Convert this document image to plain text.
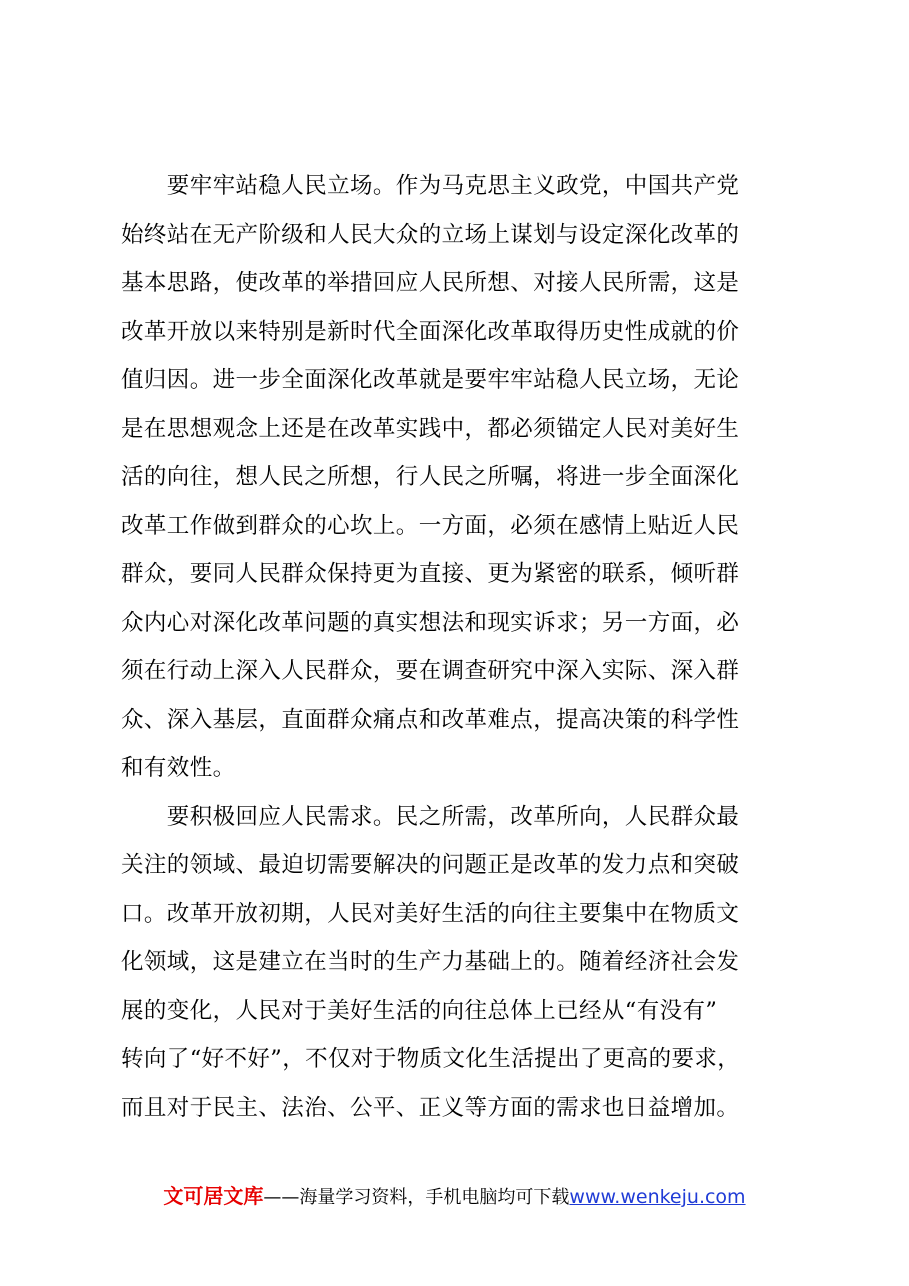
　　要牢牢站稳人民立场。作为马克思主义政党，中国共产党
始终站在无产阶级和人民大众的立场上谋划与设定深化改革的
基本思路，使改革的举措回应人民所想、对接人民所需，这是
改革开放以来特别是新时代全面深化改革取得历史性成就的价
值归因。进一步全面深化改革就是要牢牢站稳人民立场，无论
是在思想观念上还是在改革实践中，都必须锚定人民对美好生
活的向往，想人民之所想，行人民之所嘱，将进一步全面深化
改革工作做到群众的心坎上。一方面，必须在感情上贴近人民
群众，要同人民群众保持更为直接、更为紧密的联系，倾听群
众内心对深化改革问题的真实想法和现实诉求；另一方面，必
须在行动上深入人民群众，要在调查研究中深入实际、深入群
众、深入基层，直面群众痛点和改革难点，提高决策的科学性
和有效性。
　　要积极回应人民需求。民之所需，改革所向，人民群众最
关注的领域、最迫切需要解决的问题正是改革的发力点和突破
口。改革开放初期，人民对美好生活的向往主要集中在物质文
化领域，这是建立在当时的生产力基础上的。随着经济社会发
展的变化，人民对于美好生活的向往总体上已经从“有没有”
转向了“好不好”，不仅对于物质文化生活提出了更高的要求，
而且对于民主、法治、公平、正义等方面的需求也日益增加。
文可居文库——海量学习资料，手机电脑均可下载www.wenkeju.com
